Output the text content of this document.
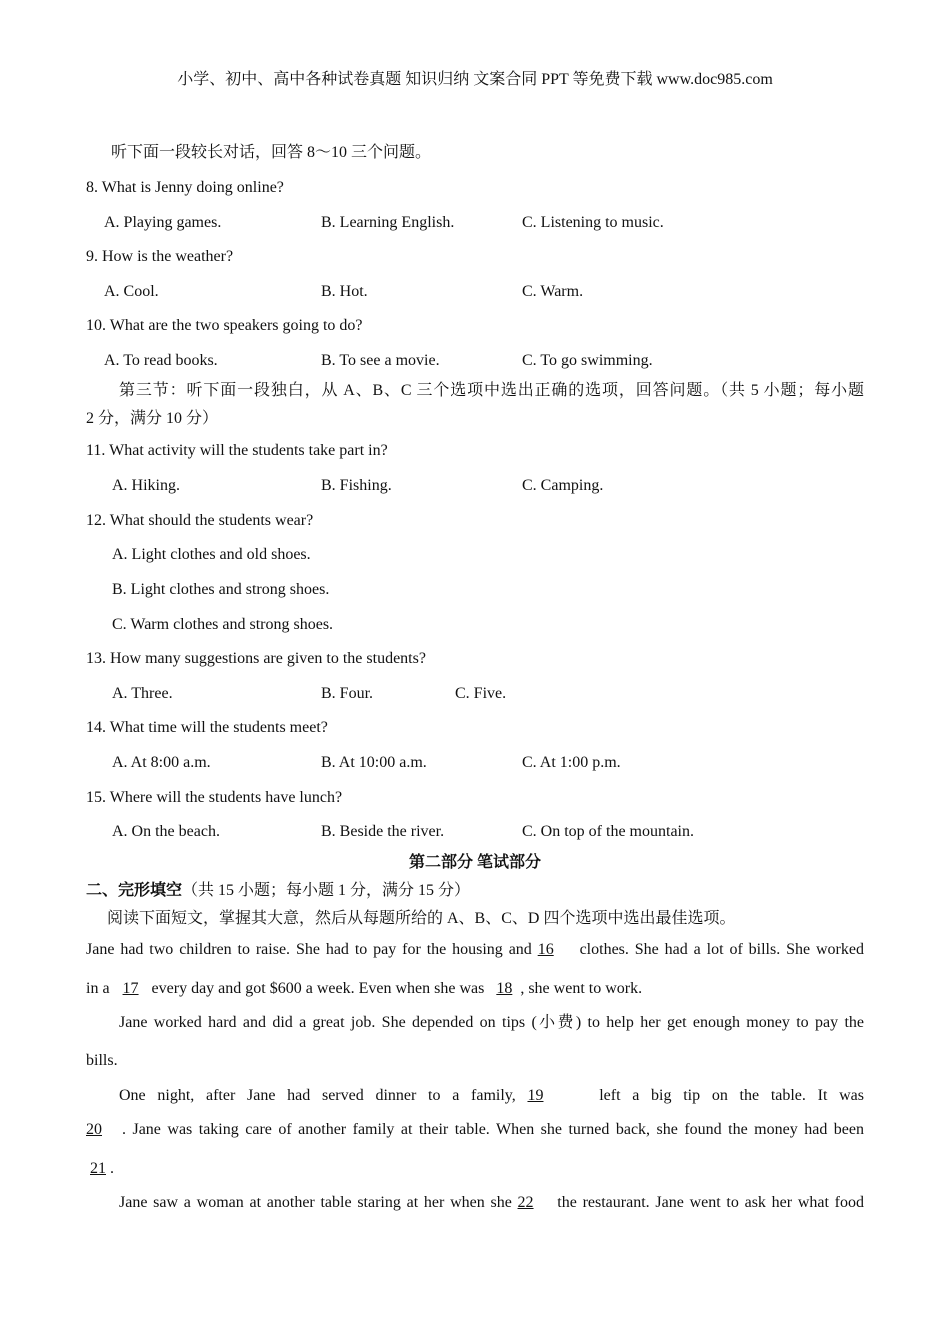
小学、初中、高中各种试卷真题 知识归纳 文案合同 PPT 等免费下载 www.doc985.com
听下面一段较长对话，回答 8～10 三个问题。
8. What is Jenny doing online?
A. Playing games.	B. Learning English.	C. Listening to music.
9. How is the weather?
A. Cool.	B. Hot.	C. Warm.
10. What are the two speakers going to do?
A. To read books.	B. To see a movie.	C. To go swimming.
第三节：听下面一段独白，从 A、B、C 三个选项中选出正确的选项，回答问题。（共 5 小题；每小题
2 分，满分 10 分）
11. What activity will the students take part in?
A. Hiking.	B. Fishing.	C. Camping.
12. What should the students wear?
A. Light clothes and old shoes.
B. Light clothes and strong shoes.
C. Warm clothes and strong shoes.
13. How many suggestions are given to the students?
A. Three.	B. Four.	C. Five.
14. What time will the students meet?
A. At 8:00 a.m.	B. At 10:00 a.m.	C. At 1:00 p.m.
15. Where will the students have lunch?
A. On the beach.	B. Beside the river.	C. On top of the mountain.
第二部分 笔试部分
二、完形填空（共 15 小题；每小题 1 分，满分 15 分）
阅读下面短文，掌握其大意，然后从每题所给的 A、B、C、D 四个选项中选出最佳选项。
Jane had two children to raise. She had to pay for the housing and 16 clothes. She had a lot of bills. She worked
in a 17 every day and got $600 a week. Even when she was 18 , she went to work.
Jane worked hard and did a great job. She depended on tips (小费) to help her get enough money to pay the
bills.
One night, after Jane had served dinner to a family, 19	left a big tip on the table. It was
20 . Jane was taking care of another family at their table. When she turned back, she found the money had been
21 .
Jane saw a woman at another table staring at her when she 22 the restaurant. Jane went to ask her what food
